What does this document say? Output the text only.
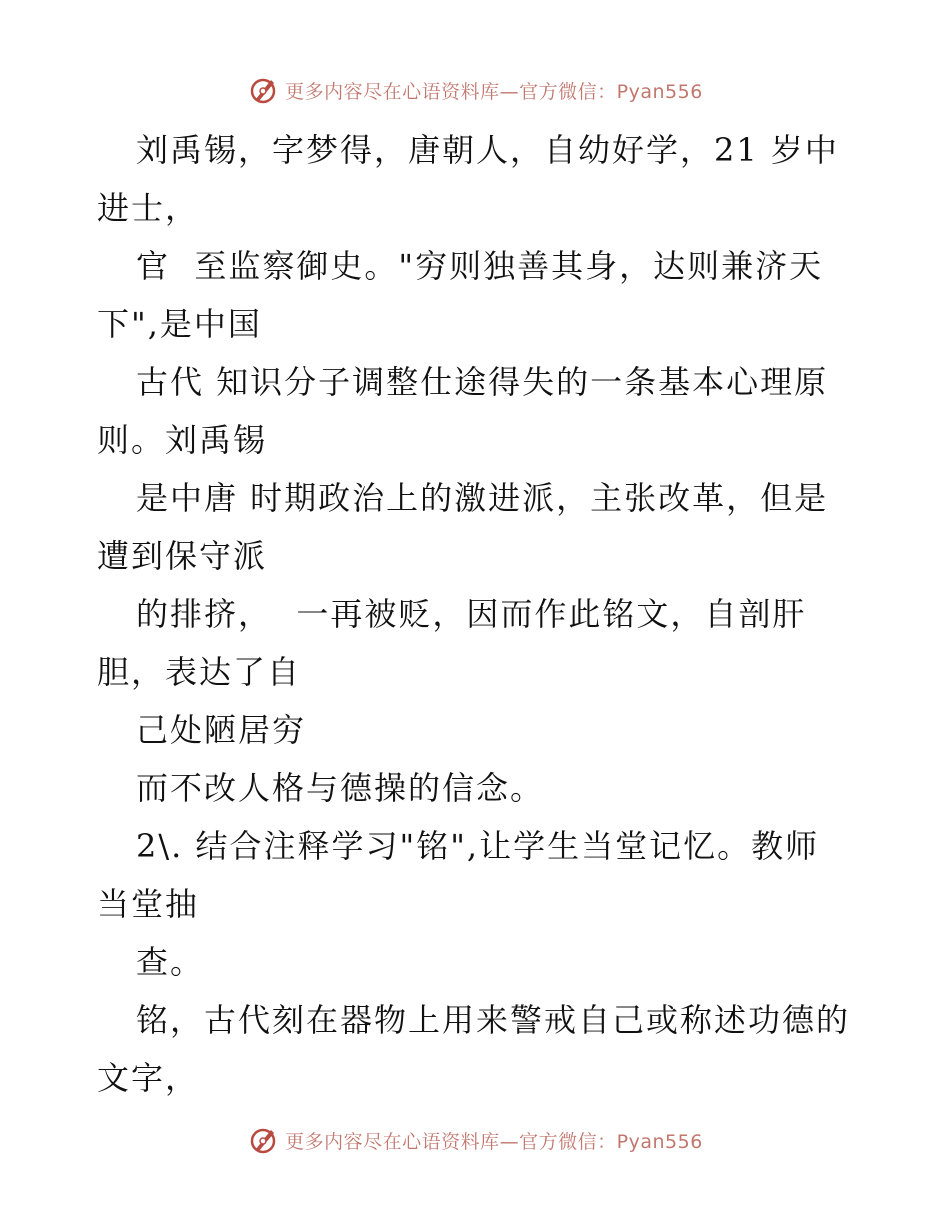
更多内容尽在心语资料库—官方微信：Pyan556
刘禹锡，字梦得，唐朝人，自幼好学，21 岁中
进士，
官  至监察御史。"穷则独善其身，达则兼济天
下",是中国
古代 知识分子调整仕途得失的一条基本心理原
则。刘禹锡
是中唐 时期政治上的激进派，主张改革，但是
遭到保守派
的排挤，  一再被贬，因而作此铭文，自剖肝
胆，表达了自
己处陋居穷
而不改人格与德操的信念。
2\. 结合注释学习"铭",让学生当堂记忆。教师
当堂抽
查。
铭，古代刻在器物上用来警戒自己或称述功德的
文字，
更多内容尽在心语资料库—官方微信：Pyan556
